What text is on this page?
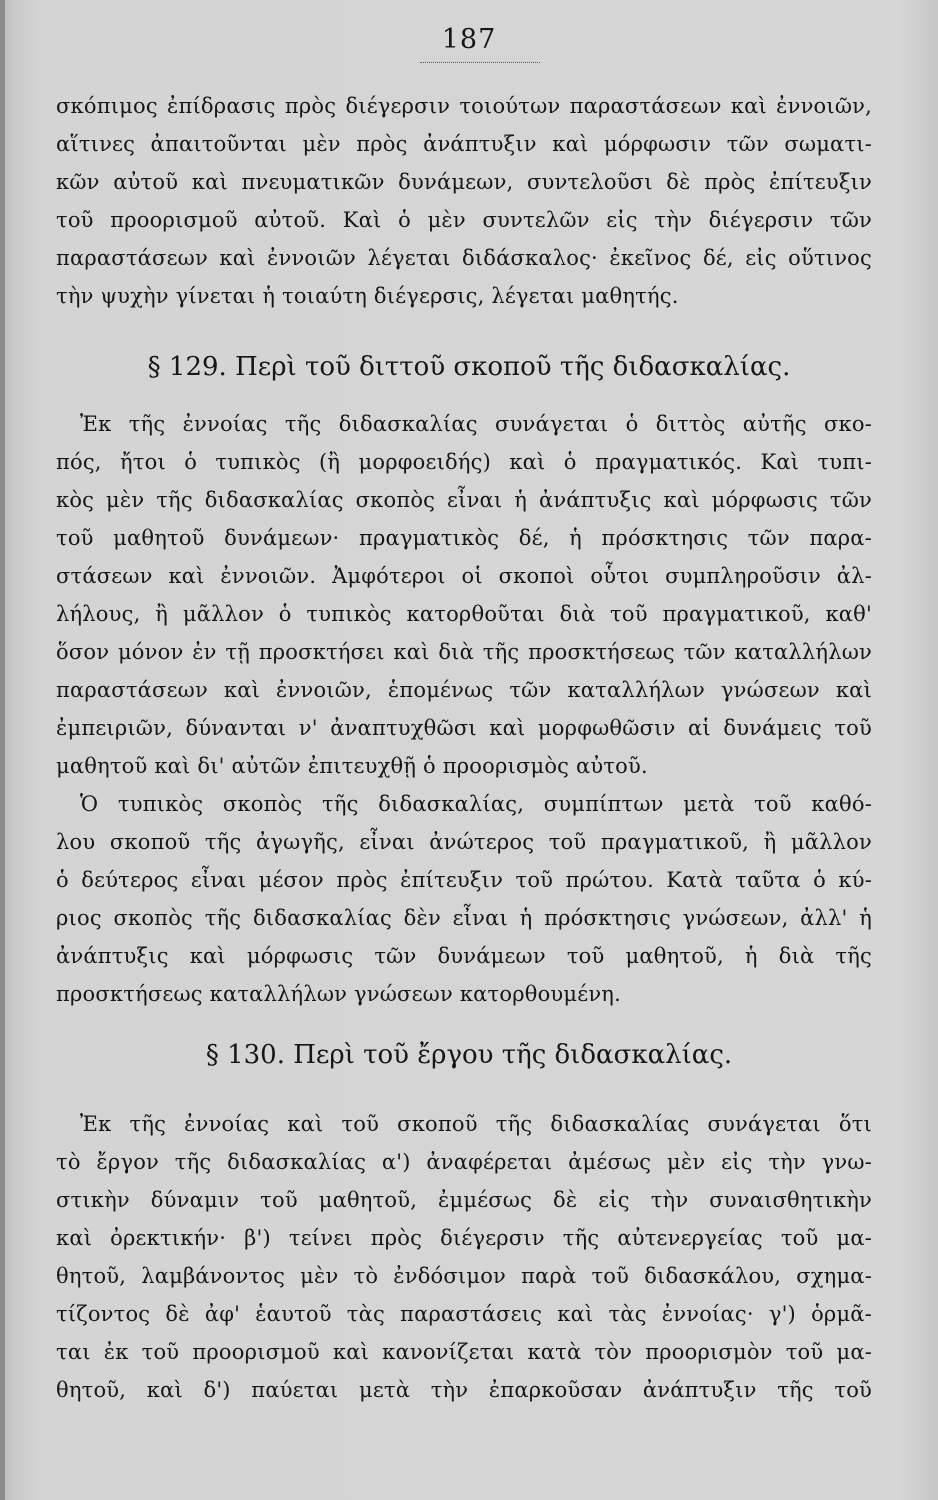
187
σκόπιμος ἐπίδρασις πρὸς διέγερσιν τοιούτων παραστάσεων καὶ ἐννοιῶν,
αἵτινες ἀπαιτοῦνται μὲν πρὸς ἀνάπτυξιν καὶ μόρφωσιν τῶν σωματι-
κῶν αὐτοῦ καὶ πνευματικῶν δυνάμεων, συντελοῦσι δὲ πρὸς ἐπίτευξιν
τοῦ προορισμοῦ αὐτοῦ. Καὶ ὁ μὲν συντελῶν εἰς τὴν διέγερσιν τῶν
παραστάσεων καὶ ἐννοιῶν λέγεται διδάσκαλος· ἐκεῖνος δέ, εἰς οὕτινος
τὴν ψυχὴν γίνεται ἡ τοιαύτη διέγερσις, λέγεται μαθητής.
§ 129. Περὶ τοῦ διττοῦ σκοποῦ τῆς διδασκαλίας.
Ἐκ τῆς ἐννοίας τῆς διδασκαλίας συνάγεται ὁ διττὸς αὐτῆς σκο-
πός, ἤτοι ὁ τυπικὸς (ἢ μορφοειδής) καὶ ὁ πραγματικός. Καὶ τυπι-
κὸς μὲν τῆς διδασκαλίας σκοπὸς εἶναι ἡ ἀνάπτυξις καὶ μόρφωσις τῶν
τοῦ μαθητοῦ δυνάμεων· πραγματικὸς δέ, ἡ πρόσκτησις τῶν παρα-
στάσεων καὶ ἐννοιῶν. Ἀμφότεροι οἱ σκοποὶ οὗτοι συμπληροῦσιν ἀλ-
λήλους, ἢ μᾶλλον ὁ τυπικὸς κατορθοῦται διὰ τοῦ πραγματικοῦ, καθ'
ὅσον μόνον ἐν τῇ προσκτήσει καὶ διὰ τῆς προσκτήσεως τῶν καταλλήλων
παραστάσεων καὶ ἐννοιῶν, ἑπομένως τῶν καταλλήλων γνώσεων καὶ
ἐμπειριῶν, δύνανται ν' ἀναπτυχθῶσι καὶ μορφωθῶσιν αἱ δυνάμεις τοῦ
μαθητοῦ καὶ δι' αὐτῶν ἐπιτευχθῇ ὁ προορισμὸς αὐτοῦ.
Ὁ τυπικὸς σκοπὸς τῆς διδασκαλίας, συμπίπτων μετὰ τοῦ καθό-
λου σκοποῦ τῆς ἀγωγῆς, εἶναι ἀνώτερος τοῦ πραγματικοῦ, ἢ μᾶλλον
ὁ δεύτερος εἶναι μέσον πρὸς ἐπίτευξιν τοῦ πρώτου. Κατὰ ταῦτα ὁ κύ-
ριος σκοπὸς τῆς διδασκαλίας δὲν εἶναι ἡ πρόσκτησις γνώσεων, ἀλλ' ἡ
ἀνάπτυξις καὶ μόρφωσις τῶν δυνάμεων τοῦ μαθητοῦ, ἡ διὰ τῆς
προσκτήσεως καταλλήλων γνώσεων κατορθουμένη.
§ 130. Περὶ τοῦ ἔργου τῆς διδασκαλίας.
Ἐκ τῆς ἐννοίας καὶ τοῦ σκοποῦ τῆς διδασκαλίας συνάγεται ὅτι
τὸ ἔργον τῆς διδασκαλίας α') ἀναφέρεται ἀμέσως μὲν εἰς τὴν γνω-
στικὴν δύναμιν τοῦ μαθητοῦ, ἐμμέσως δὲ εἰς τὴν συναισθητικὴν
καὶ ὀρεκτικήν· β') τείνει πρὸς διέγερσιν τῆς αὐτενεργείας τοῦ μα-
θητοῦ, λαμβάνοντος μὲν τὸ ἐνδόσιμον παρὰ τοῦ διδασκάλου, σχημα-
τίζοντος δὲ ἀφ' ἑαυτοῦ τὰς παραστάσεις καὶ τὰς ἐννοίας· γ') ὁρμᾶ-
ται ἐκ τοῦ προορισμοῦ καὶ κανονίζεται κατὰ τὸν προορισμὸν τοῦ μα-
θητοῦ, καὶ δ') παύεται μετὰ τὴν ἐπαρκοῦσαν ἀνάπτυξιν τῆς τοῦ
